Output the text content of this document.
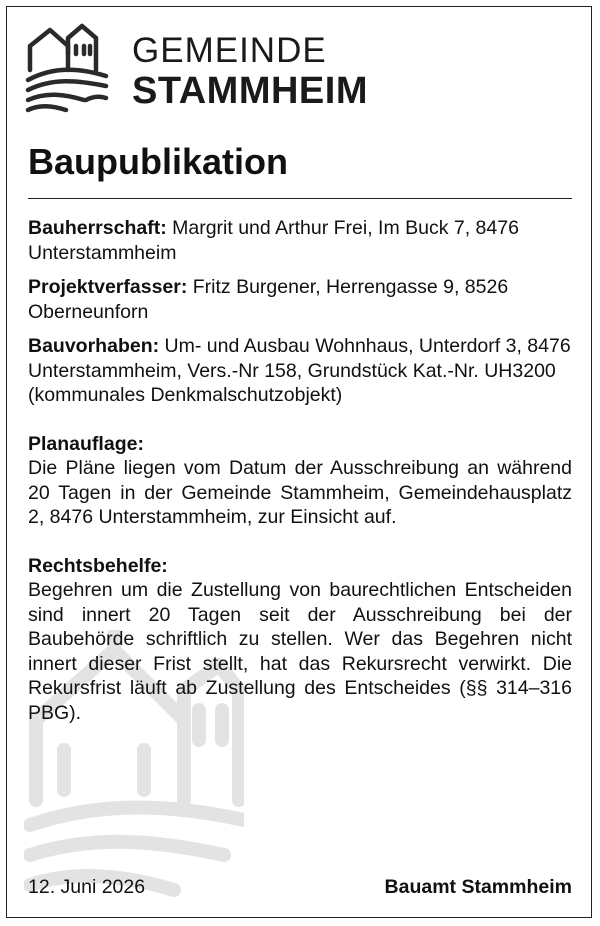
GEMEINDE
STAMMHEIM
Baupublikation

Bauherrschaft: Margrit und Arthur Frei, Im Buck 7, 8476 Unterstammheim

Projektverfasser: Fritz Burgener, Herrengasse 9, 8526 Oberneunforn

Bauvorhaben: Um- und Ausbau Wohnhaus, Unterdorf 3, 8476 Unterstammheim, Vers.-Nr 158, Grundstück Kat.-Nr. UH3200 (kommunales Denkmalschutzobjekt)

Planauflage:

Die Pläne liegen vom Datum der Ausschreibung an während 20 Tagen in der Gemeinde Stammheim, Gemeindehausplatz 2, 8476 Unterstammheim, zur Einsicht auf.

Rechtsbehelfe:

Begehren um die Zustellung von baurechtlichen Entscheiden sind innert 20 Tagen seit der Ausschreibung bei der Baubehörde schriftlich zu stellen. Wer das Begehren nicht innert dieser Frist stellt, hat das Rekursrecht verwirkt. Die Rekursfrist läuft ab Zustellung des Entscheides (§§ 314–316 PBG).

12. Juni 2026	Bauamt Stammheim
